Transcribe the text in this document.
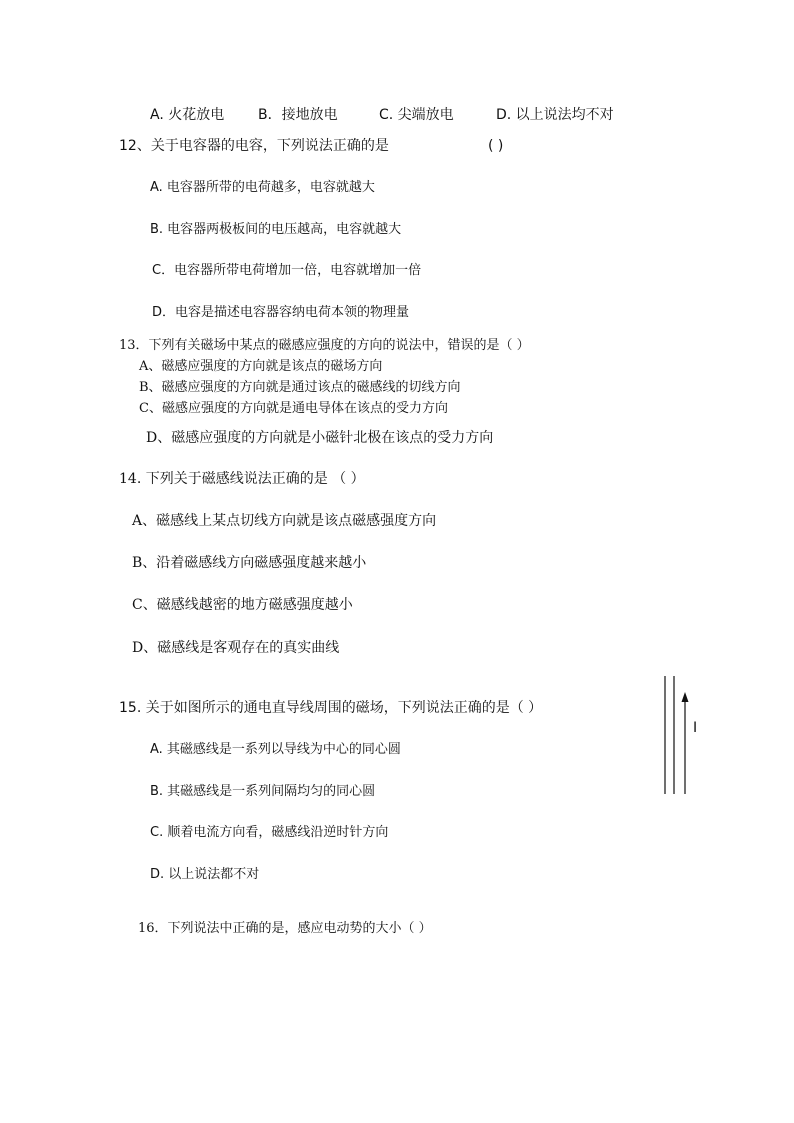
A. 火花放电 B．接地放电	C. 尖端放电	D. 以上说法均不对
12、关于电容器的电容，下列说法正确的是	( )
A. 电容器所带的电荷越多，电容就越大
B. 电容器两极板间的电压越高，电容就越大
C．电容器所带电荷增加一倍，电容就增加一倍
D．电容是描述电容器容纳电荷本领的物理量
13．下列有关磁场中某点的磁感应强度的方向的说法中，错误的是（ ）
A、磁感应强度的方向就是该点的磁场方向
B、磁感应强度的方向就是通过该点的磁感线的切线方向
C、磁感应强度的方向就是通电导体在该点的受力方向
D、磁感应强度的方向就是小磁针北极在该点的受力方向
14. 下列关于磁感线说法正确的是 （ ）
A、磁感线上某点切线方向就是该点磁感强度方向
B、沿着磁感线方向磁感强度越来越小
C、磁感线越密的地方磁感强度越小
D、磁感线是客观存在的真实曲线
15. 关于如图所示的通电直导线周围的磁场，下列说法正确的是（ ）
A. 其磁感线是一系列以导线为中心的同心圆
B. 其磁感线是一系列间隔均匀的同心圆
C. 顺着电流方向看，磁感线沿逆时针方向
D. 以上说法都不对
I
16．下列说法中正确的是，感应电动势的大小（ ）
